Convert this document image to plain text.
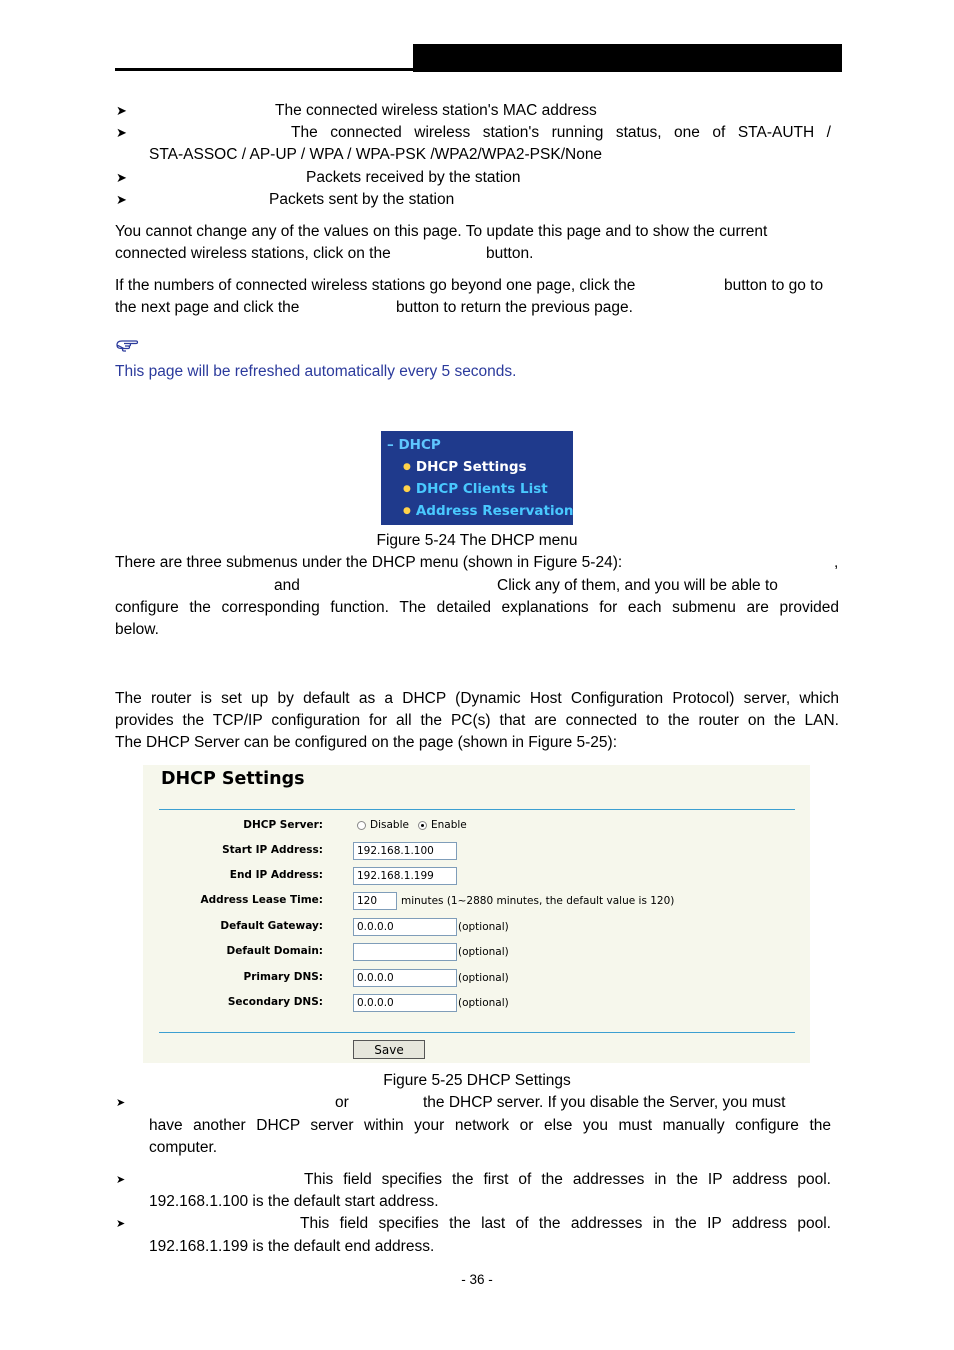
➤	The connected wireless station's MAC address
➤	The connected wireless station's running status, one of STA-AUTH /
STA-ASSOC / AP-UP / WPA / WPA-PSK /WPA2/WPA2-PSK/None
➤	Packets received by the station
➤	Packets sent by the station
You cannot change any of the values on this page. To update this page and to show the current
connected wireless stations, click on the	button.
If the numbers of connected wireless stations go beyond one page, click the	button to go to
the next page and click the	button to return the previous page.
This page will be refreshed automatically every 5 seconds.
– DHCP
● DHCP Settings
● DHCP Clients List
● Address Reservation
Figure 5-24 The DHCP menu
There are three submenus under the DHCP menu (shown in Figure 5-24):	,
and	Click any of them, and you will be able to
configure the corresponding function. The detailed explanations for each submenu are provided
below.
The router is set up by default as a DHCP (Dynamic Host Configuration Protocol) server, which
provides the TCP/IP configuration for all the PC(s) that are connected to the router on the LAN.
The DHCP Server can be configured on the page (shown in Figure 5-25):
DHCP Settings
DHCP Server:	Disable Enable
Start IP Address:
192.168.1.100
End IP Address:
192.168.1.199
Address Lease Time:
120	minutes (1~2880 minutes, the default value is 120)
Default Gateway:
0.0.0.0	(optional)
Default Domain:	(optional)
Primary DNS:
0.0.0.0	(optional)
Secondary DNS:
0.0.0.0	(optional)
Save
Figure 5-25 DHCP Settings
➤	or	the DHCP server. If you disable the Server, you must
have another DHCP server within your network or else you must manually configure the
computer.
➤	This field specifies the first of the addresses in the IP address pool.
192.168.1.100 is the default start address.
➤	This field specifies the last of the addresses in the IP address pool.
192.168.1.199 is the default end address.
- 36 -
